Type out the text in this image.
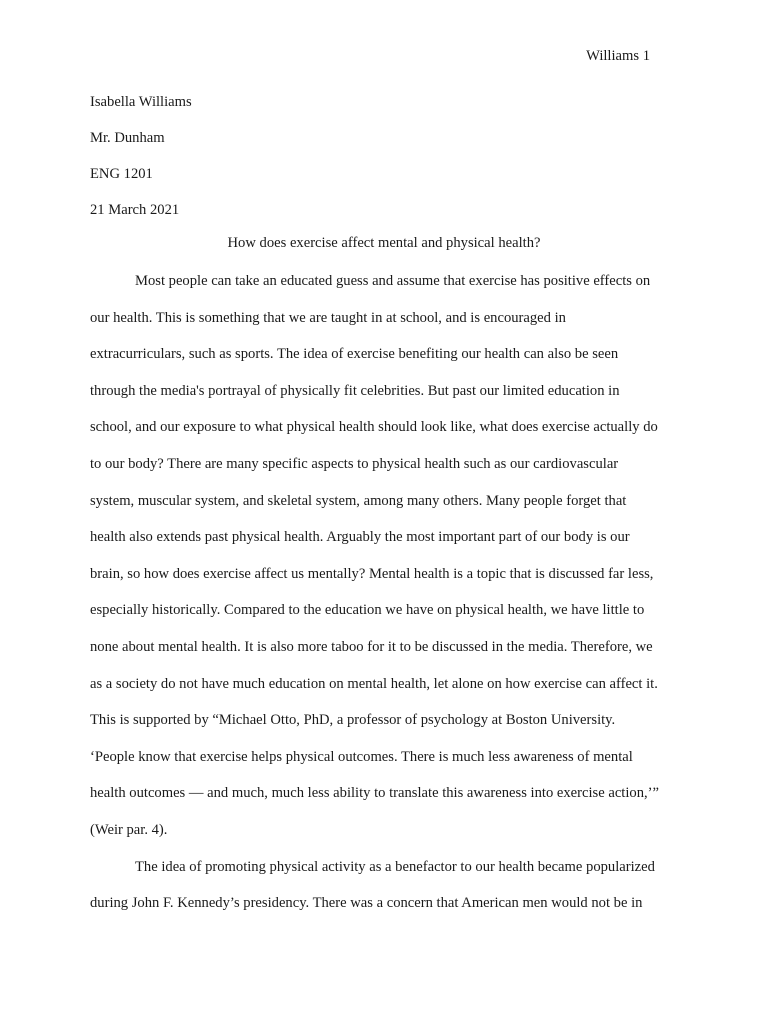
Williams 1
Isabella Williams
Mr. Dunham
ENG 1201
21 March 2021
How does exercise affect mental and physical health?
Most people can take an educated guess and assume that exercise has positive effects on
our health. This is something that we are taught in at school, and is encouraged in
extracurriculars, such as sports. The idea of exercise benefiting our health can also be seen
through the media's portrayal of physically fit celebrities. But past our limited education in
school, and our exposure to what physical health should look like, what does exercise actually do
to our body? There are many specific aspects to physical health such as our cardiovascular
system, muscular system, and skeletal system, among many others. Many people forget that
health also extends past physical health. Arguably the most important part of our body is our
brain, so how does exercise affect us mentally? Mental health is a topic that is discussed far less,
especially historically. Compared to the education we have on physical health, we have little to
none about mental health. It is also more taboo for it to be discussed in the media. Therefore, we
as a society do not have much education on mental health, let alone on how exercise can affect it.
This is supported by “Michael Otto, PhD, a professor of psychology at Boston University.
‘People know that exercise helps physical outcomes. There is much less awareness of mental
health outcomes — and much, much less ability to translate this awareness into exercise action,’”
(Weir par. 4).
The idea of promoting physical activity as a benefactor to our health became popularized
during John F. Kennedy’s presidency. There was a concern that American men would not be in
